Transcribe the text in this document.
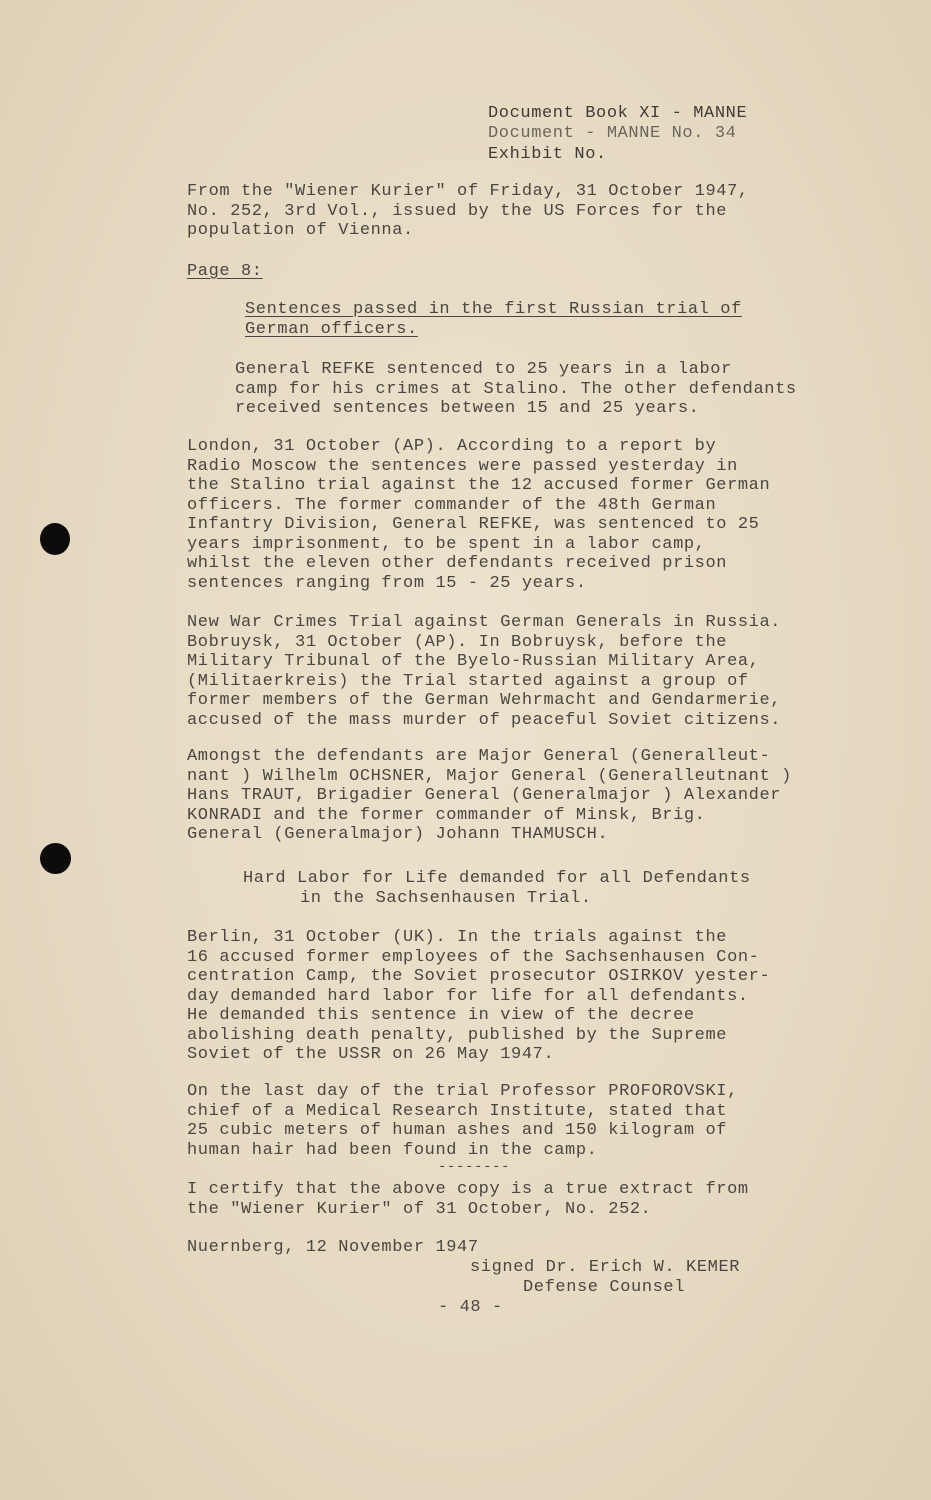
Document Book XI - MANNE
Document - MANNE No. 34
Exhibit No.
From the "Wiener Kurier" of Friday, 31 October 1947,
No. 252, 3rd Vol., issued by the US Forces for the
population of Vienna.
Page 8:
Sentences passed in the first Russian trial of
German officers.
General REFKE sentenced to 25 years in a labor
camp for his crimes at Stalino. The other defendants
received sentences between 15 and 25 years.
London, 31 October (AP). According to a report by
Radio Moscow the sentences were passed yesterday in
the Stalino trial against the 12 accused former German
officers. The former commander of the 48th German
Infantry Division, General REFKE, was sentenced to 25
years imprisonment, to be spent in a labor camp,
whilst the eleven other defendants received prison
sentences ranging from 15 - 25 years.
New War Crimes Trial against German Generals in Russia.
Bobruysk, 31 October (AP). In Bobruysk, before the
Military Tribunal of the Byelo-Russian Military Area,
(Militaerkreis) the Trial started against a group of
former members of the German Wehrmacht and Gendarmerie,
accused of the mass murder of peaceful Soviet citizens.
Amongst the defendants are Major General (Generalleut-
nant ) Wilhelm OCHSNER, Major General (Generalleutnant )
Hans TRAUT, Brigadier General (Generalmajor ) Alexander
KONRADI and the former commander of Minsk, Brig.
General (Generalmajor) Johann THAMUSCH.
Hard Labor for Life demanded for all Defendants
in the Sachsenhausen Trial.
Berlin, 31 October (UK). In the trials against the
16 accused former employees of the Sachsenhausen Con-
centration Camp, the Soviet prosecutor OSIRKOV yester-
day demanded hard labor for life for all defendants.
He demanded this sentence in view of the decree
abolishing death penalty, published by the Supreme
Soviet of the USSR on 26 May 1947.
On the last day of the trial Professor PROFOROVSKI,
chief of a Medical Research Institute, stated that
25 cubic meters of human ashes and 150 kilogram of
human hair had been found in the camp.
--------
I certify that the above copy is a true extract from
the "Wiener Kurier" of 31 October, No. 252.
Nuernberg, 12 November 1947
signed Dr. Erich W. KEMER
Defense Counsel
- 48 -
